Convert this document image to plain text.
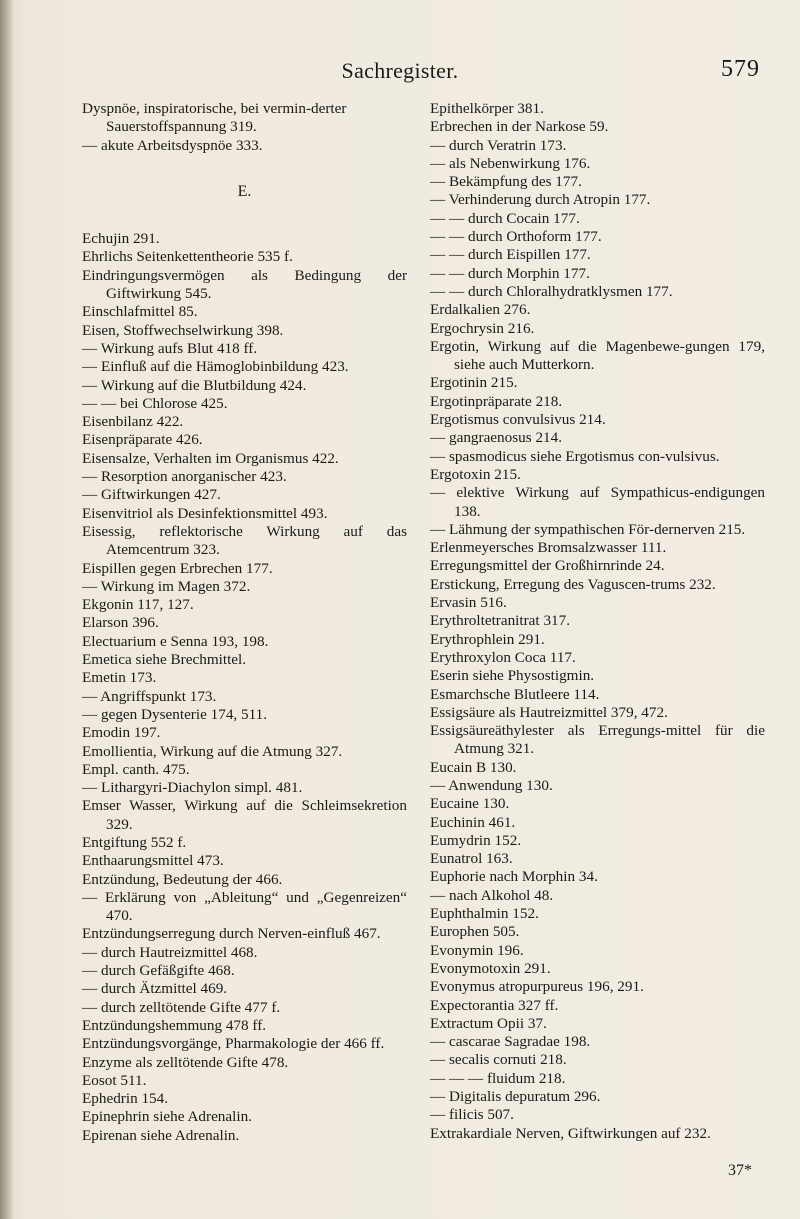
Sachregister.	579

Dyspnöe, inspiratorische, bei vermin-derter Sauerstoffspannung 319.

— akute Arbeitsdyspnöe 333.

E.

Echujin 291.

Ehrlichs Seitenkettentheorie 535 f.

Eindringungsvermögen als Bedingung der Giftwirkung 545.

Einschlafmittel 85.

Eisen, Stoffwechselwirkung 398.

— Wirkung aufs Blut 418 ff.

— Einfluß auf die Hämoglobinbildung 423.

— Wirkung auf die Blutbildung 424.

— — bei Chlorose 425.

Eisenbilanz 422.

Eisenpräparate 426.

Eisensalze, Verhalten im Organismus 422.

— Resorption anorganischer 423.

— Giftwirkungen 427.

Eisenvitriol als Desinfektionsmittel 493.

Eisessig, reflektorische Wirkung auf das Atemcentrum 323.

Eispillen gegen Erbrechen 177.

— Wirkung im Magen 372.

Ekgonin 117, 127.

Elarson 396.

Electuarium e Senna 193, 198.

Emetica siehe Brechmittel.

Emetin 173.

— Angriffspunkt 173.

— gegen Dysenterie 174, 511.

Emodin 197.

Emollientia, Wirkung auf die Atmung 327.

Empl. canth. 475.

— Lithargyri-Diachylon simpl. 481.

Emser Wasser, Wirkung auf die Schleimsekretion 329.

Entgiftung 552 f.

Enthaarungsmittel 473.

Entzündung, Bedeutung der 466.

— Erklärung von „Ableitung“ und „Gegenreizen“ 470.

Entzündungserregung durch Nerven-einfluß 467.

— durch Hautreizmittel 468.

— durch Gefäßgifte 468.

— durch Ätzmittel 469.

— durch zelltötende Gifte 477 f.

Entzündungshemmung 478 ff.

Entzündungsvorgänge, Pharmakologie der 466 ff.

Enzyme als zelltötende Gifte 478.

Eosot 511.

Ephedrin 154.

Epinephrin siehe Adrenalin.

Epirenan siehe Adrenalin.

Epithelkörper 381.

Erbrechen in der Narkose 59.

— durch Veratrin 173.

— als Nebenwirkung 176.

— Bekämpfung des 177.

— Verhinderung durch Atropin 177.

— — durch Cocain 177.

— — durch Orthoform 177.

— — durch Eispillen 177.

— — durch Morphin 177.

— — durch Chloralhydratklysmen 177.

Erdalkalien 276.

Ergochrysin 216.

Ergotin, Wirkung auf die Magenbewe-gungen 179, siehe auch Mutterkorn.

Ergotinin 215.

Ergotinpräparate 218.

Ergotismus convulsivus 214.

— gangraenosus 214.

— spasmodicus siehe Ergotismus con-vulsivus.

Ergotoxin 215.

— elektive Wirkung auf Sympathicus-endigungen 138.

— Lähmung der sympathischen För-dernerven 215.

Erlenmeyersches Bromsalzwasser 111.

Erregungsmittel der Großhirnrinde 24.

Erstickung, Erregung des Vaguscen-trums 232.

Ervasin 516.

Erythroltetranitrat 317.

Erythrophlein 291.

Erythroxylon Coca 117.

Eserin siehe Physostigmin.

Esmarchsche Blutleere 114.

Essigsäure als Hautreizmittel 379, 472.

Essigsäureäthylester als Erregungs-mittel für die Atmung 321.

Eucain B 130.

— Anwendung 130.

Eucaine 130.

Euchinin 461.

Eumydrin 152.

Eunatrol 163.

Euphorie nach Morphin 34.

— nach Alkohol 48.

Euphthalmin 152.

Europhen 505.

Evonymin 196.

Evonymotoxin 291.

Evonymus atropurpureus 196, 291.

Expectorantia 327 ff.

Extractum Opii 37.

— cascarae Sagradae 198.

— secalis cornuti 218.

— — — fluidum 218.

— Digitalis depuratum 296.

— filicis 507.

Extrakardiale Nerven, Giftwirkungen auf 232.

37*
